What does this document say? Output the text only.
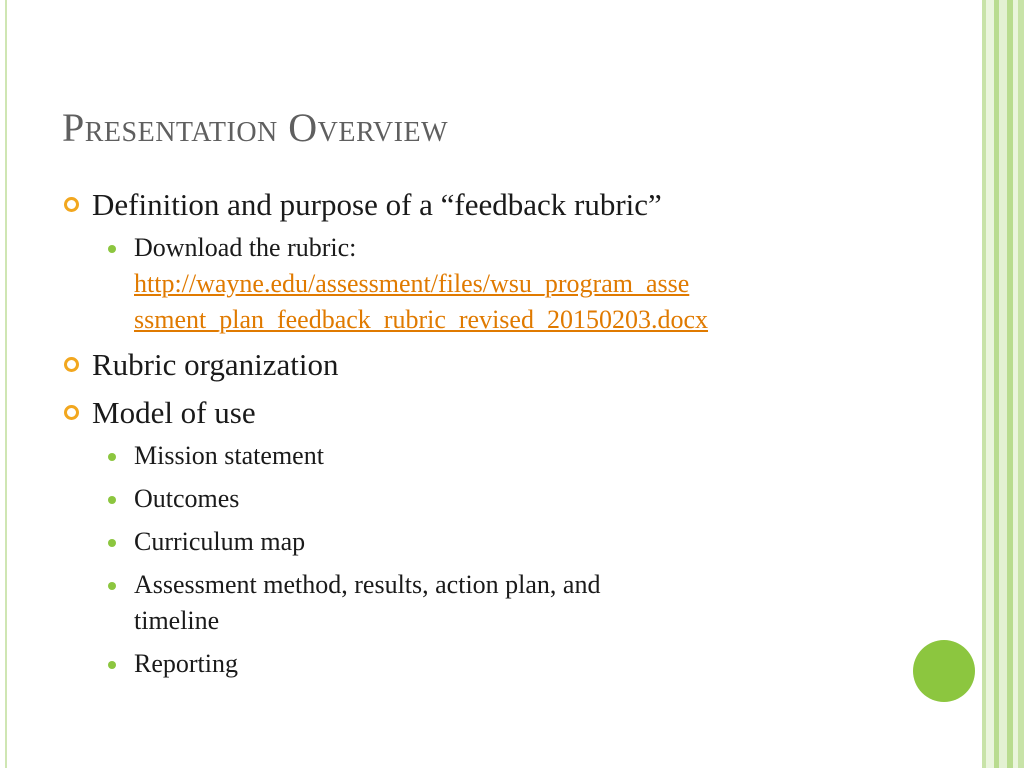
Presentation Overview
Definition and purpose of a “feedback rubric”
Download the rubric:
http://wayne.edu/assessment/files/wsu_program_asse
ssment_plan_feedback_rubric_revised_20150203.docx
Rubric organization
Model of use
Mission statement
Outcomes
Curriculum map
Assessment method, results, action plan, and
timeline
Reporting
